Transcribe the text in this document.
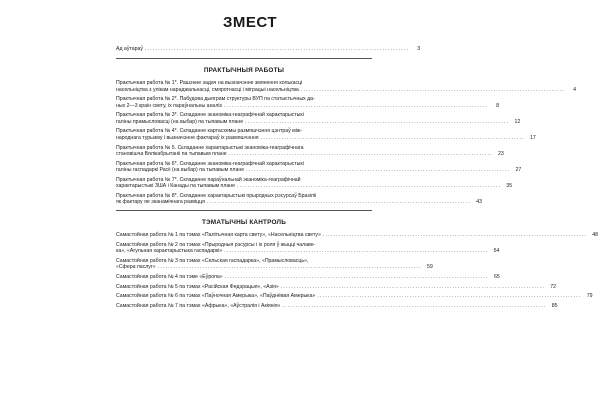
ЗМЕСТ
Ад аўтараў ....................................................................................................	3
ПРАКТЫЧНЫЯ РАБОТЫ
Практычная работа № 1*. Рашэнне задач на вызначэнне змянення колькасці
насельніцтва з улікам нараджальнасці, смяротнасці і міграцыі насельніцтва ....................................................................................................	4
Практычная работа № 2*. Пабудова дыяграм структуры ВУП па статыстычных да-
ных 2—3 краін свету, іх параўнальны аналіз ....................................................................................................	8
Практычная работа № 3*. Складанне эканоміка-геаграфічнай характарыстыкі
галіны прамысловасці (на выбар) па тыпавым плане ....................................................................................................	12
Практычная работа № 4*. Складанне картасхемы размяшчэння цэнтраў між-
народнага турызму і вызначэнне фактараў іх размяшчэння ....................................................................................................	17
Практычная работа № 5. Складанне характарыстыкі эканоміка-геаграфічнага
становішча Вялікабрытаніі па тыпавым плане ....................................................................................................	23
Практычная работа № 6*. Складанне эканоміка-геаграфічнай характарыстыкі
галіны гаспадаркі Расіі (на выбар) па тыпавым плане ....................................................................................................	27
Практычная работа № 7*. Складанне параўнальнай эканоміка-геаграфічнай
характарыстыкі ЗША і Канады па тыпавым плане ....................................................................................................	35
Практычная работа № 8*. Складанне характарыстыкі прыродных рэсурсаў Бразіліі
як фактару яе эканамічнага развіцця ....................................................................................................	43
ТЭМАТЫЧНЫ КАНТРОЛЬ
Самастойная работа № 1 па тэмах «Палітычная карта свету», «Насельніцтва свету» ....................................................................................................	48
Самастойная работа № 2 па тэмах «Прыродныя рэсурсы і іх роля ў жыцці чалаве-
ка», «Агульная характарыстыка гаспадаркі» ....................................................................................................	54
Самастойная работа № 3 па тэмах «Сельская гаспадарка», «Прамысловасць»,
«Сфера паслуг» ....................................................................................................	59
Самастойная работа № 4 па тэме «Еўропа» ....................................................................................................	65
Самастойная работа № 5 па тэмах «Расійская Федэрацыя», «Азія» ....................................................................................................	72
Самастойная работа № 6 па тэмах «Паўночная Амерыка», «Паўднёвая Амерыка» ....................................................................................................	79
Самастойная работа № 7 па тэмах «Афрыка», «Аўстралія і Акіянія» ....................................................................................................	85
